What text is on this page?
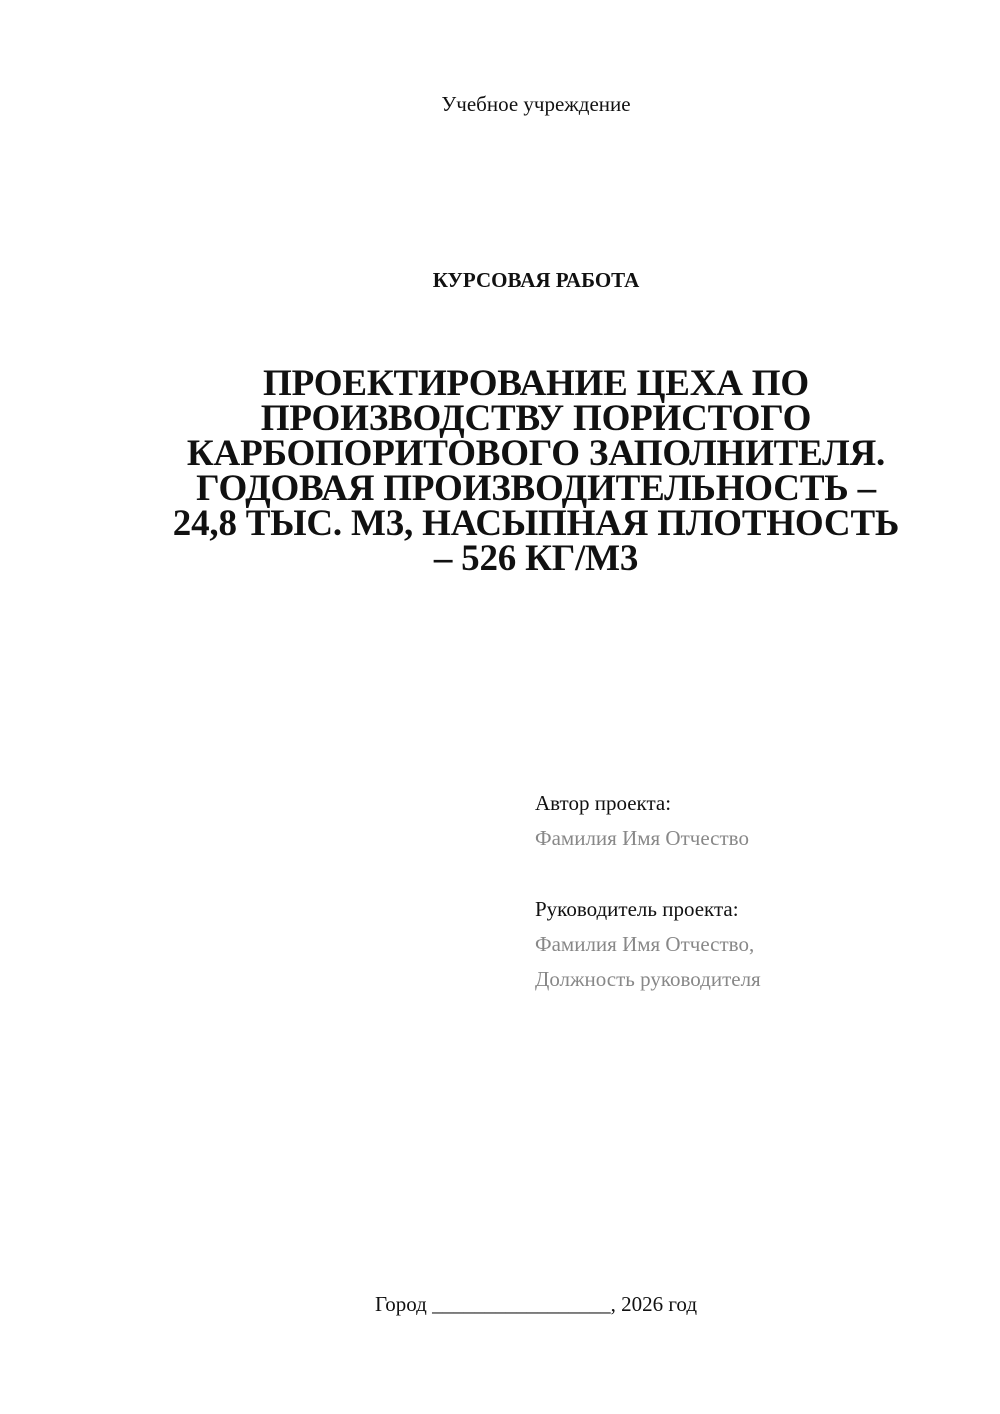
Учебное учреждение
КУРСОВАЯ РАБОТА
ПРОЕКТИРОВАНИЕ ЦЕХА ПО
ПРОИЗВОДСТВУ ПОРИСТОГО
КАРБОПОРИТОВОГО ЗАПОЛНИТЕЛЯ.
ГОДОВАЯ ПРОИЗВОДИТЕЛЬНОСТЬ –
24,8 ТЫС. М3, НАСЫПНАЯ ПЛОТНОСТЬ
– 526 КГ/М3
Автор проекта:
Фамилия Имя Отчество
Руководитель проекта:
Фамилия Имя Отчество,
Должность руководителя
Город _________________, 2026 год
